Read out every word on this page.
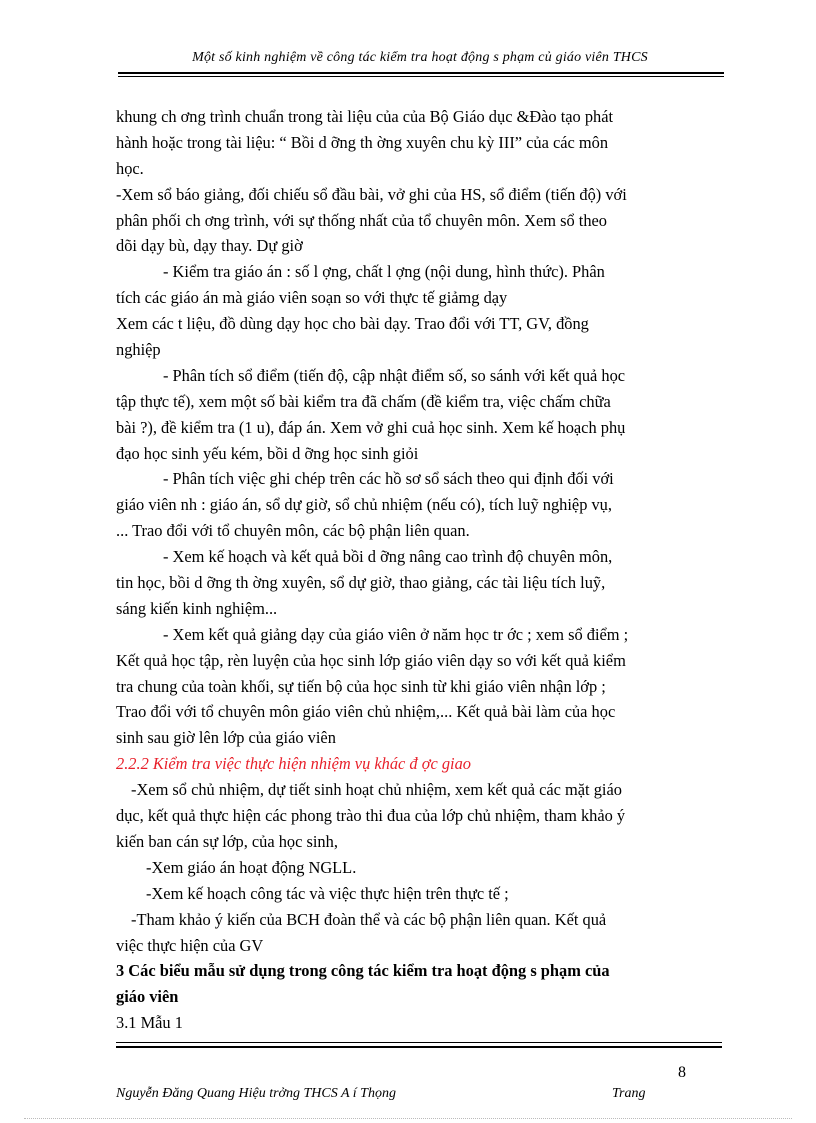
Một số kinh nghiệm về công tác kiểm tra hoạt động s phạm củ giáo viên THCS
khung ch ơng trình chuẩn trong tài liệu của của Bộ Giáo dục &Đào tạo phát
hành hoặc trong tài liệu: “ Bồi d ỡng th ờng xuyên chu kỳ III” của các môn
học.
-Xem sổ báo giảng, đối chiếu sổ đầu bài, vở ghi của HS, sổ điểm (tiến độ) với
phân phối ch ơng trình, với sự thống nhất của tổ chuyên môn. Xem sổ theo
dõi dạy bù, dạy thay. Dự giờ
- Kiểm tra giáo án : số l ợng, chất l ợng (nội dung, hình thức). Phân
tích các giáo án mà giáo viên soạn so với thực tế giảmg dạy
Xem các t liệu, đồ dùng dạy học cho bài dạy. Trao đổi với TT, GV, đồng
nghiệp
- Phân tích sổ điểm (tiến độ, cập nhật điểm số, so sánh với kết quả học
tập thực tế), xem một số bài kiểm tra đã chấm (đề kiểm tra, việc chấm chữa
bài ?), đề kiểm tra (1 u), đáp án. Xem vở ghi cuả học sinh. Xem kế hoạch phụ
đạo học sinh yếu kém, bồi d ỡng học sinh giỏi
- Phân tích việc ghi chép trên các hồ sơ sổ sách theo qui định đối với
giáo viên nh : giáo án, sổ dự giờ, sổ chủ nhiệm (nếu có), tích luỹ nghiệp vụ,
... Trao đổi với tổ chuyên môn, các bộ phận liên quan.
- Xem kế hoạch và kết quả bồi d ỡng nâng cao trình độ chuyên môn,
tin học, bồi d ỡng th ờng xuyên, sổ dự giờ, thao giảng, các tài liệu tích luỹ,
sáng kiến kinh nghiệm...
- Xem kết quả giảng dạy của giáo viên ở năm học tr ớc ; xem sổ điểm ;
Kết quả học tập, rèn luyện của học sinh lớp giáo viên dạy so với kết quả kiểm
tra chung của toàn khối, sự tiến bộ của học sinh từ khi giáo viên nhận lớp ;
Trao đổi với tổ chuyên môn giáo viên chủ nhiệm,... Kết quả bài làm của học
sinh sau giờ lên lớp của giáo viên
2.2.2 Kiểm tra việc thực hiện nhiệm vụ khác đ ợc giao
-Xem sổ chủ nhiệm, dự tiết sinh hoạt chủ nhiệm, xem kết quả các mặt giáo
dục, kết quả thực hiện các phong trào thi đua của lớp chủ nhiệm, tham khảo ý
kiến ban cán sự lớp, của học sinh,
-Xem giáo án hoạt động NGLL.
-Xem kế hoạch công tác và việc thực hiện trên thực tế ;
-Tham khảo ý kiến của BCH đoàn thể và các bộ phận liên quan. Kết quả
việc thực hiện của GV
3 Các biểu mẫu sử dụng trong công tác kiểm tra hoạt động s phạm của
giáo viên
3.1 Mẫu 1
Nguyễn Đăng Quang Hiệu trởng THCS A í Thọng	Trang
8
